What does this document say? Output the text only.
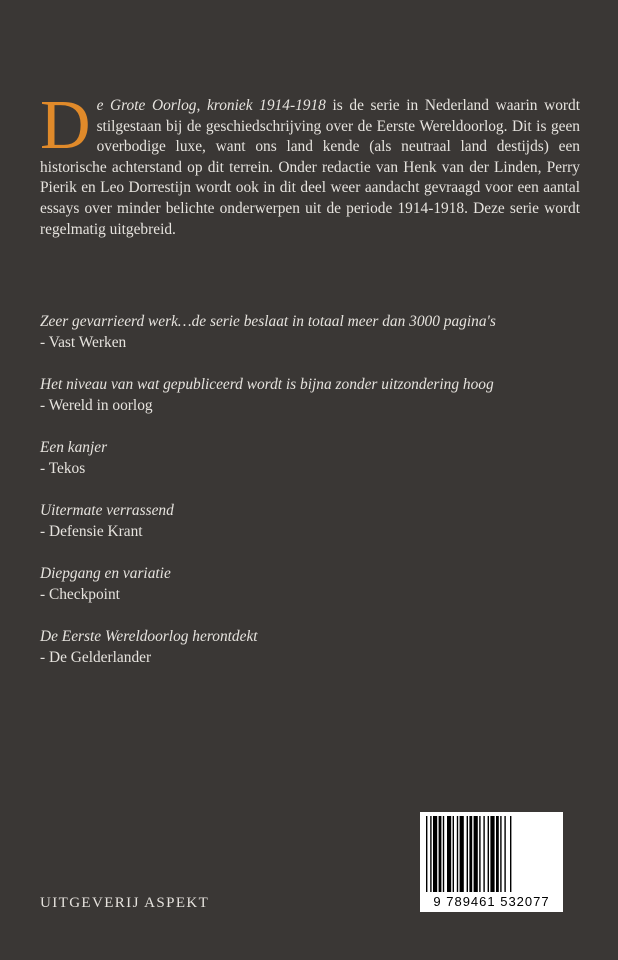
D e Grote Oorlog, kroniek 1914-1918 is de serie in Nederland waarin wordt stilgestaan bij de geschiedschrijving over de Eerste Wereldoorlog. Dit is geen overbodige luxe, want ons land kende (als neutraal land destijds) een historische achterstand op dit terrein. Onder redactie van Henk van der Linden, Perry Pierik en Leo Dorrestijn wordt ook in dit deel weer aandacht gevraagd voor een aantal essays over minder belichte onderwerpen uit de periode 1914-1918. Deze serie wordt regelmatig uitgebreid.
Zeer gevarrieerd werk…de serie beslaat in totaal meer dan 3000 pagina's
- Vast Werken
Het niveau van wat gepubliceerd wordt is bijna zonder uitzondering hoog
- Wereld in oorlog
Een kanjer
- Tekos
Uitermate verrassend
- Defensie Krant
Diepgang en variatie
- Checkpoint
De Eerste Wereldoorlog herontdekt
- De Gelderlander
UITGEVERIJ ASPEKT	9 789461 532077
